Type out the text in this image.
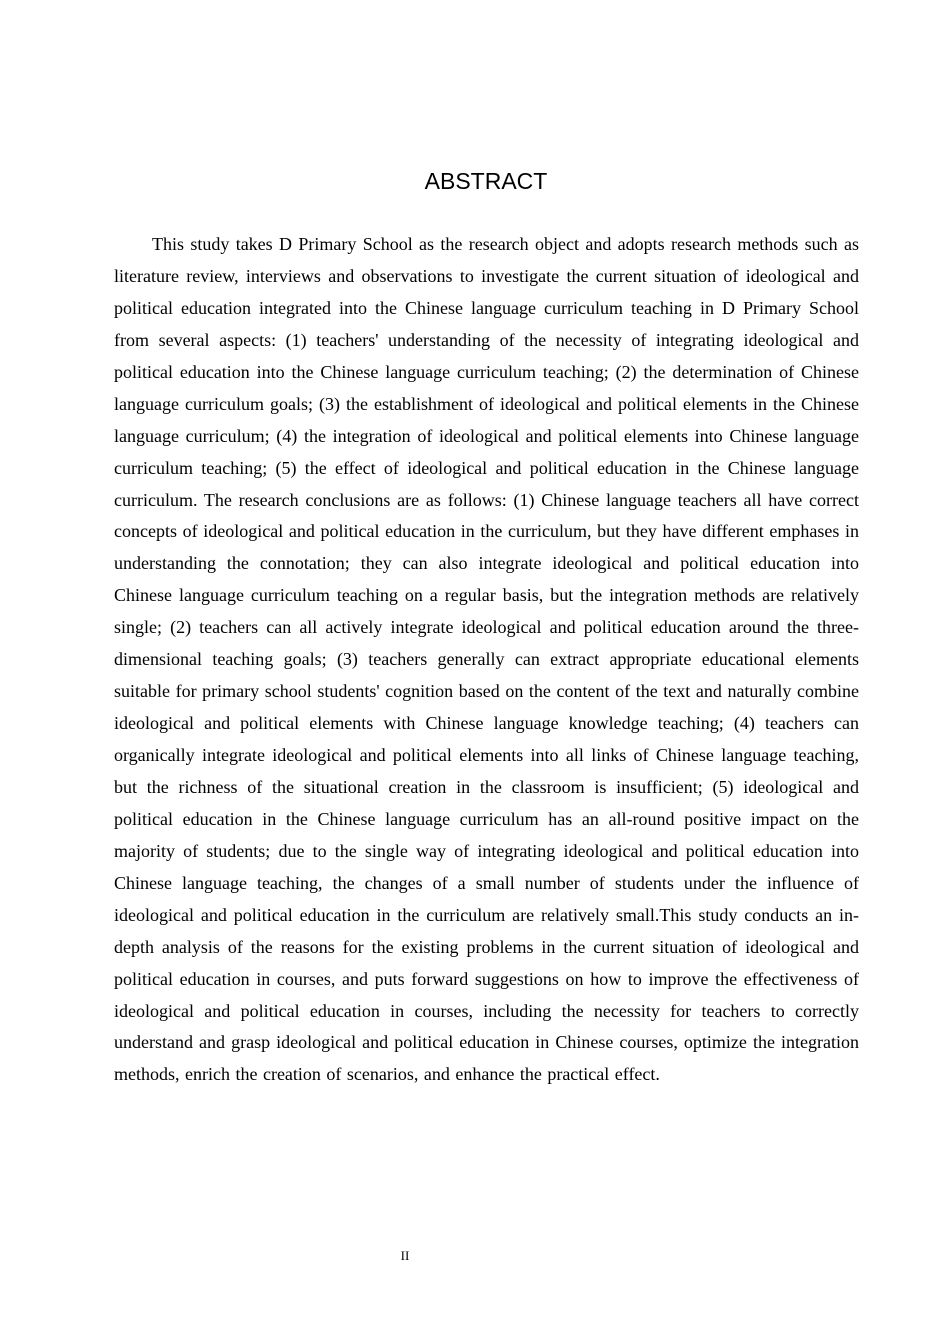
ABSTRACT

This study takes D Primary School as the research object and adopts research methods such as literature review, interviews and observations to investigate the current situation of ideological and political education integrated into the Chinese language curriculum teaching in D Primary School from several aspects: (1) teachers' understanding of the necessity of integrating ideological and political education into the Chinese language curriculum teaching; (2) the determination of Chinese language curriculum goals; (3) the establishment of ideological and political elements in the Chinese language curriculum; (4) the integration of ideological and political elements into Chinese language curriculum teaching; (5) the effect of ideological and political education in the Chinese language curriculum. The research conclusions are as follows: (1) Chinese language teachers all have correct concepts of ideological and political education in the curriculum, but they have different emphases in understanding the connotation; they can also integrate ideological and political education into Chinese language curriculum teaching on a regular basis, but the integration methods are relatively single; (2) teachers can all actively integrate ideological and political education around the three-dimensional teaching goals; (3) teachers generally can extract appropriate educational elements suitable for primary school students' cognition based on the content of the text and naturally combine ideological and political elements with Chinese language knowledge teaching; (4) teachers can organically integrate ideological and political elements into all links of Chinese language teaching, but the richness of the situational creation in the classroom is insufficient; (5) ideological and political education in the Chinese language curriculum has an all-round positive impact on the majority of students; due to the single way of integrating ideological and political education into Chinese language teaching, the changes of a small number of students under the influence of ideological and political education in the curriculum are relatively small.This study conducts an in-depth analysis of the reasons for the existing problems in the current situation of ideological and political education in courses, and puts forward suggestions on how to improve the effectiveness of ideological and political education in courses, including the necessity for teachers to correctly understand and grasp ideological and political education in Chinese courses, optimize the integration methods, enrich the creation of scenarios, and enhance the practical effect.

II
